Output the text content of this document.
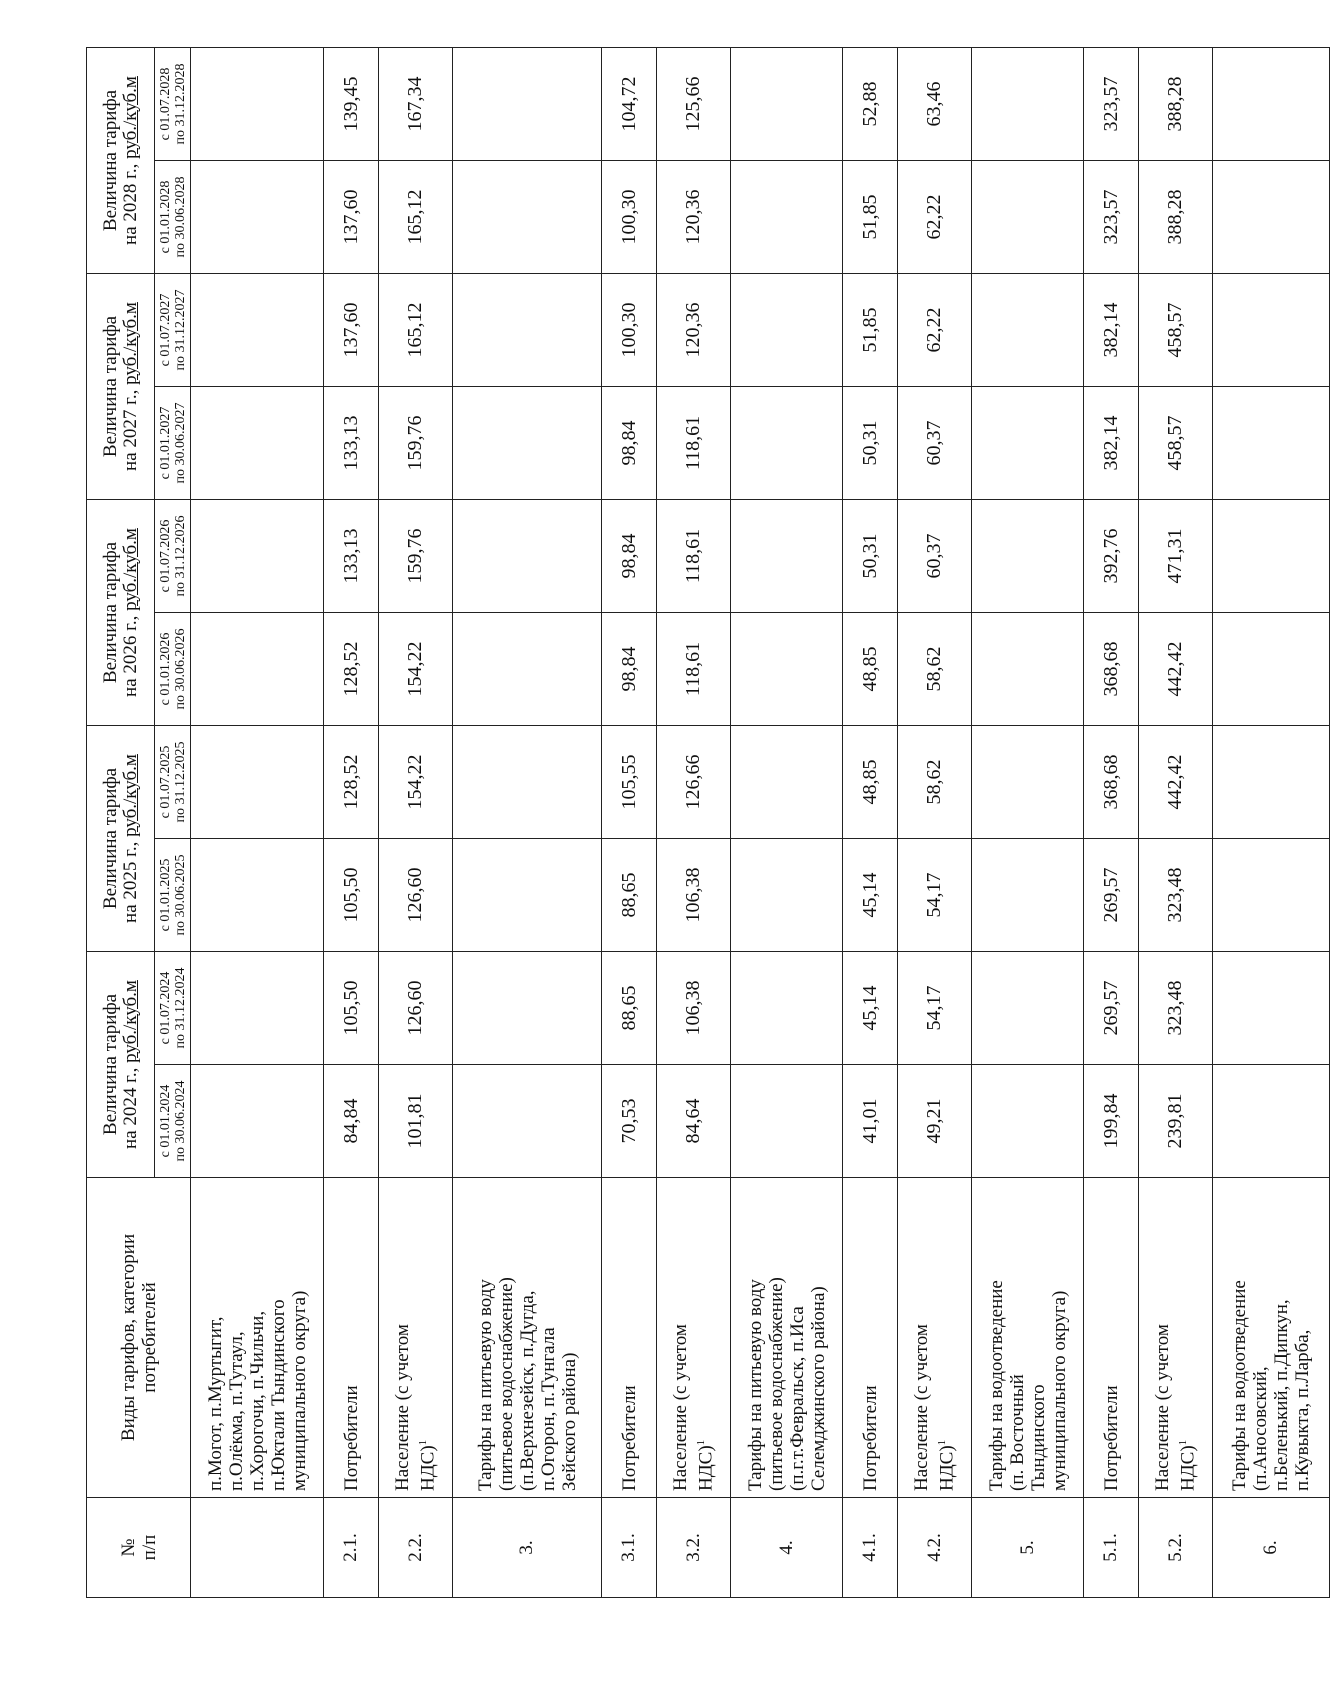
№ п/п	Виды тарифов, категории потребителей	Величина тарифа на 2024 г., руб./куб.м		Величина тарифа на 2025 г., руб./куб.м		Величина тарифа на 2026 г., руб./куб.м		Величина тарифа на 2027 г., руб./куб.м		Величина тарифа на 2028 г., руб./куб.м	

		с 01.01.2024 по 30.06.2024	с 01.07.2024 по 31.12.2024	с 01.01.2025 по 30.06.2025	с 01.07.2025 по 31.12.2025	с 01.01.2026 по 30.06.2026	с 01.07.2026 по 31.12.2026	с 01.01.2027 по 30.06.2027	с 01.07.2027 по 31.12.2027	с 01.01.2028 по 30.06.2028	с 01.07.2028 по 31.12.2028

	п.Могот, п.Муртыгит, п.Олёкма, п.Тутаул, п.Хорогочи, п.Чильчи, п.Юктали Тындинского муниципального округа)										

2.1.	Потребители	84,84	105,50	105,50	128,52	128,52	133,13	133,13	137,60	137,60	139,45
2.2.	Население (с учетом НДС)$^1$	101,81	126,60	126,60	154,22	154,22	159,76	159,76	165,12	165,12	167,34
3.	Тарифы на питьевую воду (питьевое водоснабжение) (п.Верхнезейск, п.Дугда, п.Огорон, п.Тунгала Зейского района)										

3.1.	Потребители	70,53	88,65	88,65	105,55	98,84	98,84	98,84	100,30	100,30	104,72
3.2.	Население (с учетом НДС)$^1$	84,64	106,38	106,38	126,66	118,61	118,61	118,61	120,36	120,36	125,66
4.	Тарифы на питьевую воду (питьевое водоснабжение) (п.г.т.Февральск, п.Иса Селемджинского района)										

4.1.	Потребители	41,01	45,14	45,14	48,85	48,85	50,31	50,31	51,85	51,85	52,88
4.2.	Население (с учетом НДС)$^1$	49,21	54,17	54,17	58,62	58,62	60,37	60,37	62,22	62,22	63,46
5.	Тарифы на водоотведение (п. Восточный Тындинского муниципального округа)										

5.1.	Потребители	199,84	269,57	269,57	368,68	368,68	392,76	382,14	382,14	323,57	323,57
5.2.	Население (с учетом НДС)$^1$	239,81	323,48	323,48	442,42	442,42	471,31	458,57	458,57	388,28	388,28
6.	Тарифы на водоотведение (п.Аносовский, п.Беленький, п.Дипкун, п.Кувыкта, п.Ларба,										
